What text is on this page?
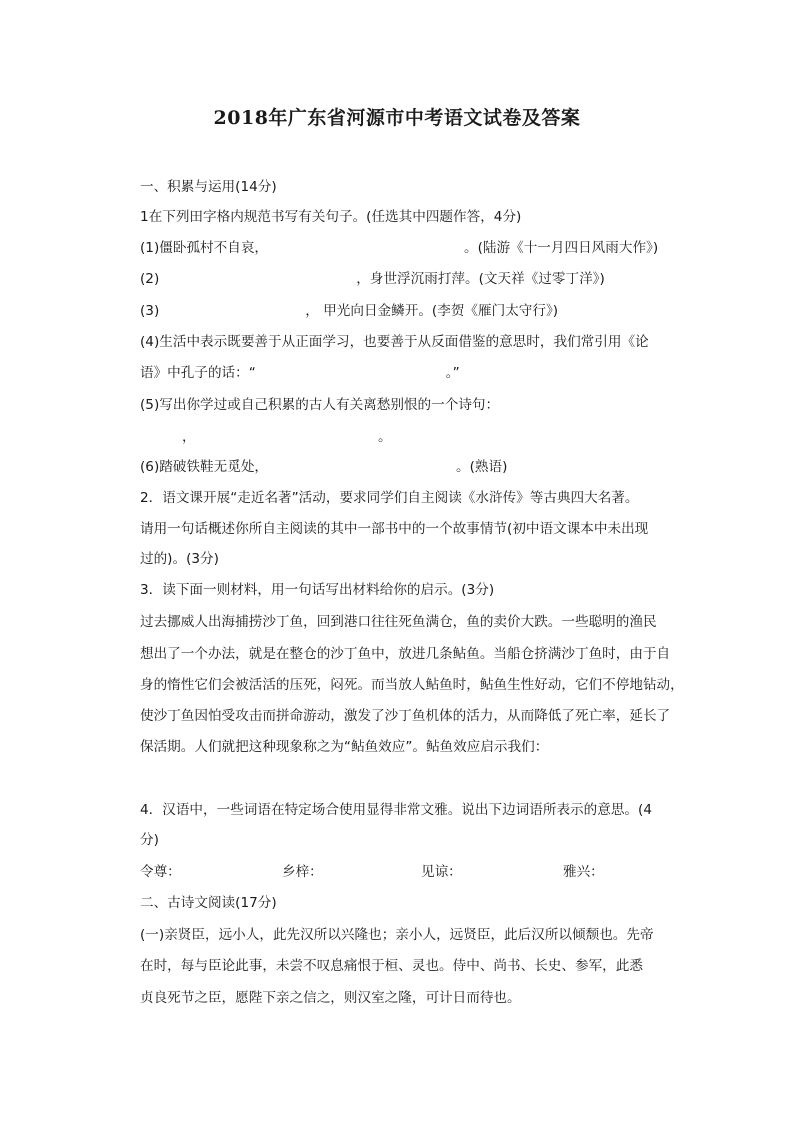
2018年广东省河源市中考语文试卷及答案
一、积累与运用(14分)
1在下列田字格内规范书写有关句子。(任选其中四题作答，4分)
(1)僵卧孤村不自哀，	。(陆游《十一月四日风雨大作》)
(2)	，身世浮沉雨打萍。(文天祥《过零丁洋》)
(3)	， 甲光向日金鳞开。(李贺《雁门太守行》)
(4)生活中表示既要善于从正面学习，也要善于从反面借鉴的意思时，我们常引用《论
语》中孔子的话：“	。”
(5)写出你学过或自己积累的古人有关离愁别恨的一个诗句：
，	。
(6)踏破铁鞋无觅处，	。(熟语)
2．语文课开展“走近名著”活动，要求同学们自主阅读《水浒传》等古典四大名著。
请用一句话概述你所自主阅读的其中一部书中的一个故事情节(初中语文课本中未出现
过的)。(3分)
3．读下面一则材料，用一句话写出材料给你的启示。(3分)
过去挪威人出海捕捞沙丁鱼，回到港口往往死鱼满仓，鱼的卖价大跌。一些聪明的渔民
想出了一个办法，就是在整仓的沙丁鱼中，放进几条鲇鱼。当船仓挤满沙丁鱼时，由于自
身的惰性它们会被活活的压死，闷死。而当放人鲇鱼时，鲇鱼生性好动，它们不停地钻动，
使沙丁鱼因怕受攻击而拼命游动，激发了沙丁鱼机体的活力，从而降低了死亡率，延长了
保活期。人们就把这种现象称之为“鲇鱼效应”。鲇鱼效应启示我们：
4．汉语中，一些词语在特定场合使用显得非常文雅。说出下边词语所表示的意思。(4
分)
令尊：	乡梓：	见谅：	雅兴：
二、古诗文阅读(17分)
(一)亲贤臣，远小人，此先汉所以兴隆也；亲小人，远贤臣，此后汉所以倾颓也。先帝
在时，每与臣论此事，未尝不叹息痛恨于桓、灵也。侍中、尚书、长史、参军，此悉
贞良死节之臣，愿陛下亲之信之，则汉室之隆，可计日而待也。
